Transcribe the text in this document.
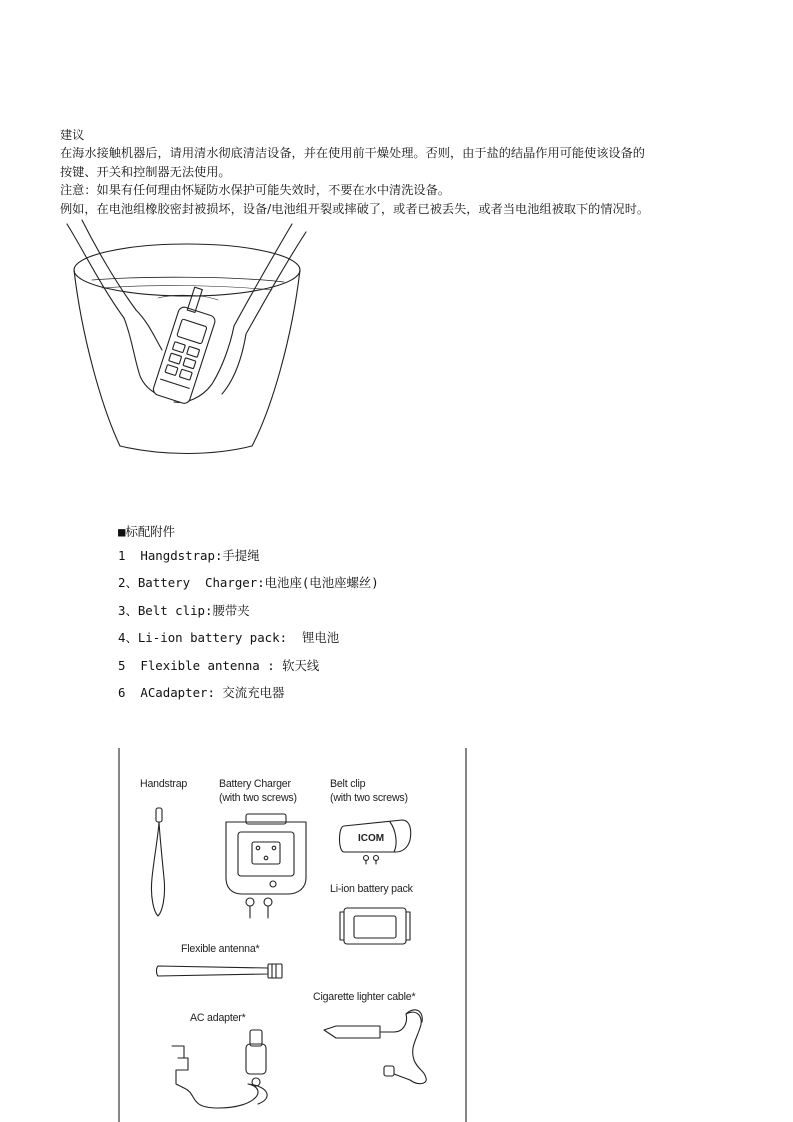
建议
在海水接触机器后，请用清水彻底清洁设备，并在使用前干燥处理。否则，由于盐的结晶作用可能使该设备的
按键、开关和控制器无法使用。
注意：如果有任何理由怀疑防水保护可能失效时，不要在水中清洗设备。
例如，在电池组橡胶密封被损坏，设备/电池组开裂或摔破了，或者已被丢失，或者当电池组被取下的情况时。
■标配附件
1  Hangdstrap:手提绳
2、Battery  Charger:电池座(电池座螺丝)
3、Belt clip:腰带夹
4、Li-ion battery pack:  锂电池
5  Flexible antenna : 软天线
6  ACadapter: 交流充电器
ICOM
Handstrap	Battery Charger
(with two screws)
Belt clip
(with two screws)
Li-ion battery pack
Flexible antenna*
Cigarette lighter cable*
AC adapter*
